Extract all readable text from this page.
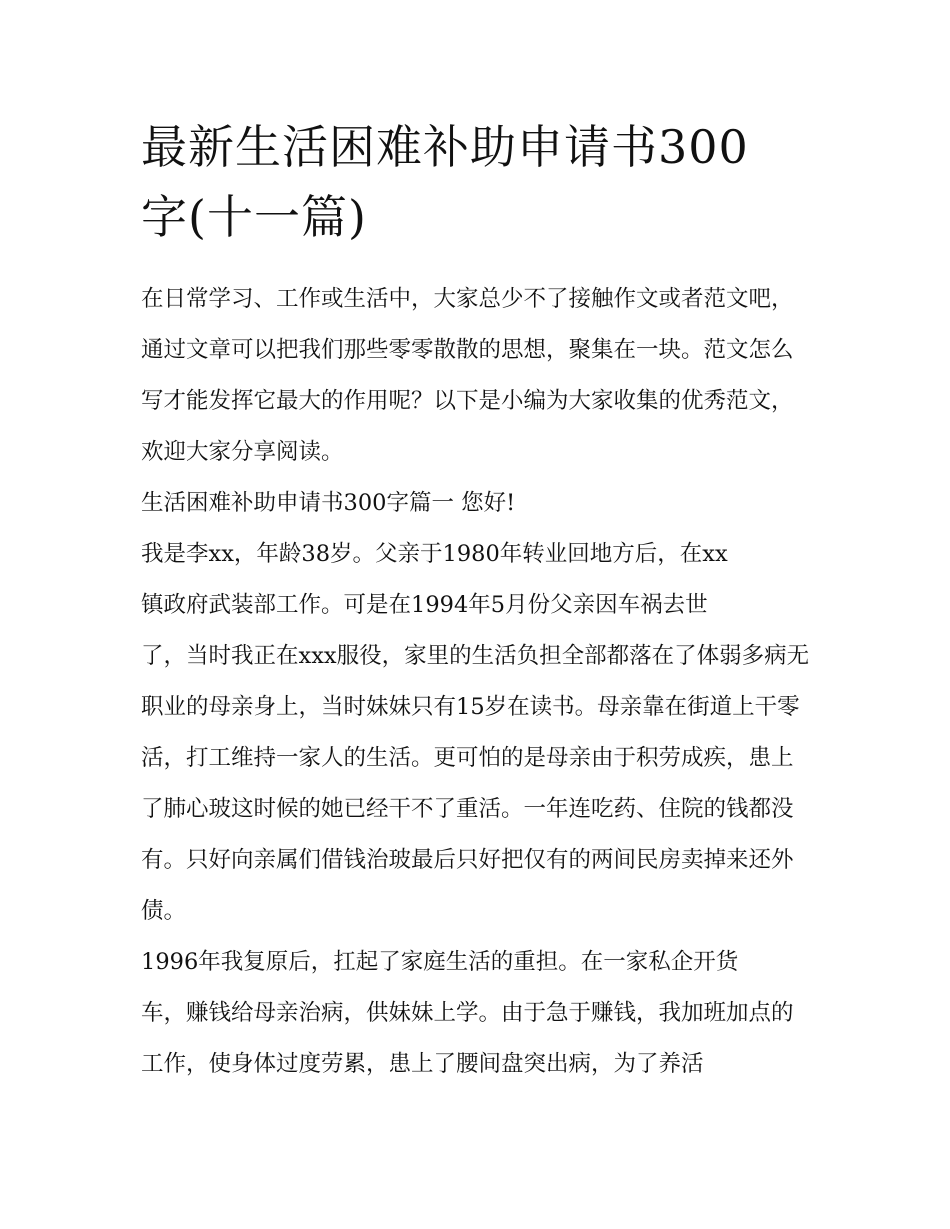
最新生活困难补助申请书300
字(十一篇)

在日常学习、工作或生活中，大家总少不了接触作文或者范文吧，通过文章可以把我们那些零零散散的思想，聚集在一块。范文怎么写才能发挥它最大的作用呢？以下是小编为大家收集的优秀范文，欢迎大家分享阅读。

生活困难补助申请书300字篇一 您好!

我是李xx，年龄38岁。父亲于1980年转业回地方后，在xx

镇政府武装部工作。可是在1994年5月份父亲因车祸去世

了，当时我正在xxx服役，家里的生活负担全部都落在了体弱多病无职业的母亲身上，当时妹妹只有15岁在读书。母亲靠在街道上干零活，打工维持一家人的生活。更可怕的是母亲由于积劳成疾，患上了肺心玻这时候的她已经干不了重活。一年连吃药、住院的钱都没有。只好向亲属们借钱治玻最后只好把仅有的两间民房卖掉来还外债。

1996年我复原后，扛起了家庭生活的重担。在一家私企开货

车，赚钱给母亲治病，供妹妹上学。由于急于赚钱，我加班加点的工作，使身体过度劳累，患上了腰间盘突出病，为了养活
